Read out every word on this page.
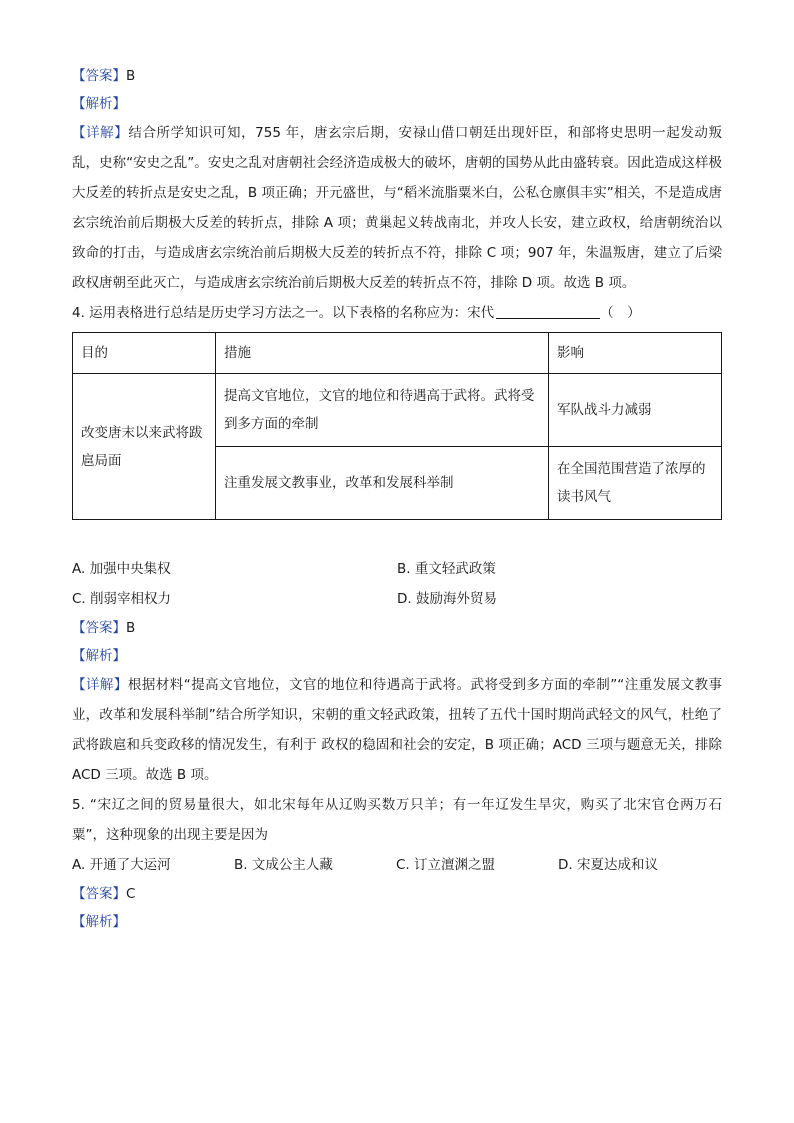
【答案】B
【解析】

【详解】结合所学知识可知，755 年，唐玄宗后期，安禄山借口朝廷出现奸臣，和部将史思明一起发动叛乱，史称“安史之乱”。安史之乱对唐朝社会经济造成极大的破坏，唐朝的国势从此由盛转衰。因此造成这样极大反差的转折点是安史之乱，B 项正确；开元盛世，与“稻米流脂粟米白，公私仓廪俱丰实”相关，不是造成唐玄宗统治前后期极大反差的转折点，排除 A 项；黄巢起义转战南北，并攻人长安，建立政权，给唐朝统治以致命的打击，与造成唐玄宗统治前后期极大反差的转折点不符，排除 C 项；907 年，朱温叛唐，建立了后梁政权唐朝至此灭亡，与造成唐玄宗统治前后期极大反差的转折点不符，排除 D 项。故选 B 项。

4. 运用表格进行总结是历史学习方法之一。以下表格的名称应为：宋代	（　）
目的	措施	影响
改变唐末以来武将跋扈局面	提高文官地位，文官的地位和待遇高于武将。武将受到多方面的牵制	军队战斗力减弱
	注重发展文教事业，改革和发展科举制	在全国范围营造了浓厚的读书风气
A. 加强中央集权	B. 重文轻武政策
C. 削弱宰相权力	D. 鼓励海外贸易
【答案】B
【解析】

【详解】根据材料“提高文官地位，文官的地位和待遇高于武将。武将受到多方面的牵制”“注重发展文教事业，改革和发展科举制”结合所学知识，宋朝的重文轻武政策，扭转了五代十国时期尚武轻文的风气，杜绝了武将跋扈和兵变政移的情况发生，有利于 政权的稳固和社会的安定，B 项正确；ACD 三项与题意无关，排除 ACD 三项。故选 B 项。

5. “宋辽之间的贸易量很大，如北宋每年从辽购买数万只羊；有一年辽发生旱灾，购买了北宋官仓两万石粟”，这种现象的出现主要是因为

A. 开通了大运河	B. 文成公主人藏	C. 订立澶渊之盟	D. 宋夏达成和议
【答案】C
【解析】
